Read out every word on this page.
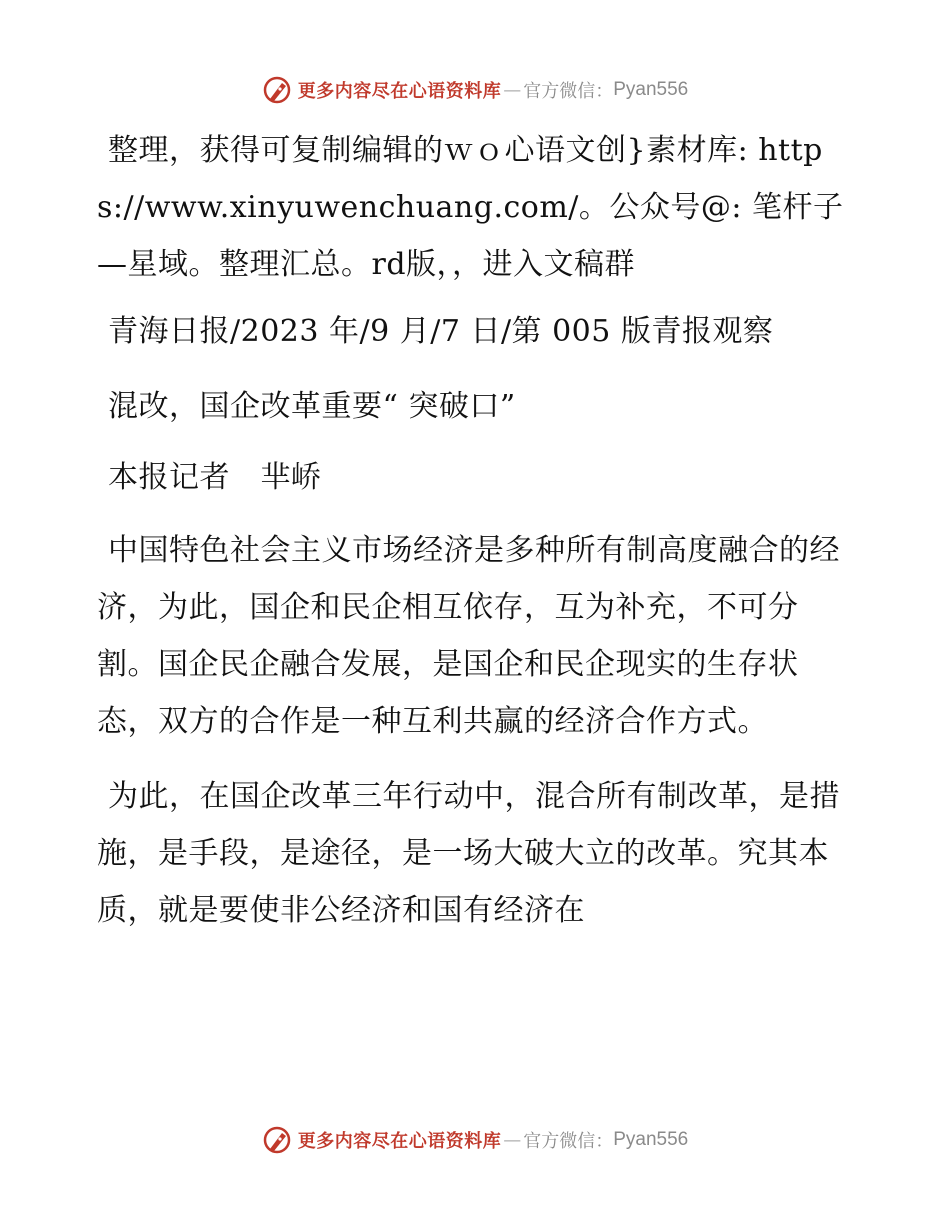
更多内容尽在心语资料库 — 官方微信： Pyan556

整理，获得可复制编辑的ｗｏ心语文创}素材库: https://www.xinyuwenchuang.com/。公众号@: 笔杆子—星域。整理汇总。rd版，，进入文稿群

青海日报/2023 年/9 月/7 日/第 005 版青报观察

混改，国企改革重要“ 突破口”

本报记者　芈峤

中国特色社会主义市场经济是多种所有制高度融合的经济，为此，国企和民企相互依存，互为补充，不可分割。国企民企融合发展，是国企和民企现实的生存状态，双方的合作是一种互利共赢的经济合作方式。

为此，在国企改革三年行动中，混合所有制改革，是措施，是手段，是途径，是一场大破大立的改革。究其本质，就是要使非公经济和国有经济在

更多内容尽在心语资料库 — 官方微信： Pyan556
